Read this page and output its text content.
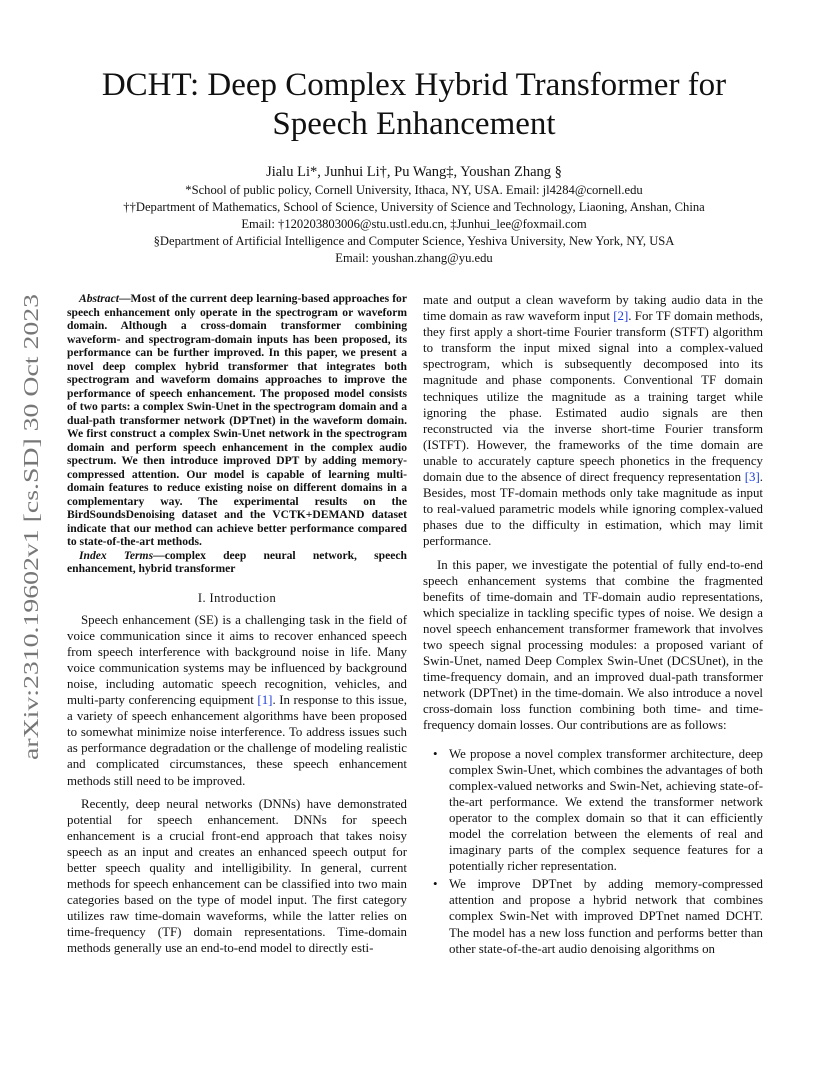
DCHT: Deep Complex Hybrid Transformer for
Speech Enhancement
Jialu Li*, Junhui Li†, Pu Wang‡, Youshan Zhang §
*School of public policy, Cornell University, Ithaca, NY, USA. Email: jl4284@cornell.edu
††Department of Mathematics, School of Science, University of Science and Technology, Liaoning, Anshan, China
Email: †120203803006@stu.ustl.edu.cn, ‡Junhui_lee@foxmail.com
§Department of Artificial Intelligence and Computer Science, Yeshiva University, New York, NY, USA
Email: youshan.zhang@yu.edu
arXiv:2310.19602v1 [cs.SD] 30 Oct 2023

Abstract—Most of the current deep learning-based approaches for speech enhancement only operate in the spectrogram or waveform domain. Although a cross-domain transformer combining waveform- and spectrogram-domain inputs has been proposed, its performance can be further improved. In this paper, we present a novel deep complex hybrid transformer that integrates both spectrogram and waveform domains approaches to improve the performance of speech enhancement. The proposed model consists of two parts: a complex Swin-Unet in the spectrogram domain and a dual-path transformer network (DPTnet) in the waveform domain. We first construct a complex Swin-Unet network in the spectrogram domain and perform speech enhancement in the complex audio spectrum. We then introduce improved DPT by adding memory-compressed attention. Our model is capable of learning multi-domain features to reduce existing noise on different domains in a complementary way. The experimental results on the BirdSoundsDenoising dataset and the VCTK+DEMAND dataset indicate that our method can achieve better performance compared to state-of-the-art methods.

Index Terms—complex deep neural network, speech enhancement, hybrid transformer

I. Introduction

Speech enhancement (SE) is a challenging task in the field of voice communication since it aims to recover enhanced speech from speech interference with background noise in life. Many voice communication systems may be influenced by background noise, including automatic speech recognition, vehicles, and multi-party conferencing equipment [1]. In response to this issue, a variety of speech enhancement algorithms have been proposed to somewhat minimize noise interference. To address issues such as performance degradation or the challenge of modeling realistic and complicated circumstances, these speech enhancement methods still need to be improved.

Recently, deep neural networks (DNNs) have demonstrated potential for speech enhancement. DNNs for speech enhancement is a crucial front-end approach that takes noisy speech as an input and creates an enhanced speech output for better speech quality and intelligibility. In general, current methods for speech enhancement can be classified into two main categories based on the type of model input. The first category utilizes raw time-domain waveforms, while the latter relies on time-frequency (TF) domain representations. Time-domain methods generally use an end-to-end model to directly esti-

mate and output a clean waveform by taking audio data in the time domain as raw waveform input [2]. For TF domain methods, they first apply a short-time Fourier transform (STFT) algorithm to transform the input mixed signal into a complex-valued spectrogram, which is subsequently decomposed into its magnitude and phase components. Conventional TF domain techniques utilize the magnitude as a training target while ignoring the phase. Estimated audio signals are then reconstructed via the inverse short-time Fourier transform (ISTFT). However, the frameworks of the time domain are unable to accurately capture speech phonetics in the frequency domain due to the absence of direct frequency representation [3]. Besides, most TF-domain methods only take magnitude as input to real-valued parametric models while ignoring complex-valued phases due to the difficulty in estimation, which may limit performance.

In this paper, we investigate the potential of fully end-to-end speech enhancement systems that combine the fragmented benefits of time-domain and TF-domain audio representations, which specialize in tackling specific types of noise. We design a novel speech enhancement transformer framework that involves two speech signal processing modules: a proposed variant of Swin-Unet, named Deep Complex Swin-Unet (DCSUnet), in the time-frequency domain, and an improved dual-path transformer network (DPTnet) in the time-domain. We also introduce a novel cross-domain loss function combining both time- and time-frequency domain losses. Our contributions are as follows:

• We propose a novel complex transformer architecture, deep complex Swin-Unet, which combines the advantages of both complex-valued networks and Swin-Net, achieving state-of-the-art performance. We extend the transformer network operator to the complex domain so that it can efficiently model the correlation between the elements of real and imaginary parts of the complex sequence features for a potentially richer representation.
• We improve DPTnet by adding memory-compressed attention and propose a hybrid network that combines complex Swin-Net with improved DPTnet named DCHT. The model has a new loss function and performs better than other state-of-the-art audio denoising algorithms on
